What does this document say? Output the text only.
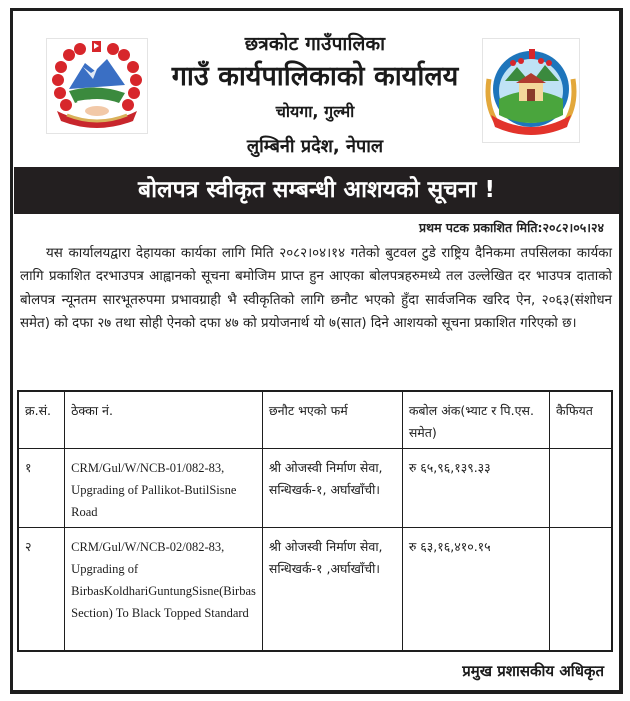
छत्रकोट गाउँपालिका
गाउँ कार्यपालिकाको कार्यालय
चोयगा, गुल्मी
लुम्बिनी प्रदेश, नेपाल
बोलपत्र स्वीकृत सम्बन्धी आशयको सूचना !
प्रथम पटक प्रकाशित मिति:२०८२।०५।२४
यस कार्यालयद्वारा देहायका कार्यका लागि मिति २०८२।०४।१४ गतेको बुटवल टुडे राष्ट्रिय दैनिकमा तपसिलका कार्यका लागि प्रकाशित दरभाउपत्र आह्वानको सूचना बमोजिम प्राप्त हुन आएका बोलपत्रहरुमध्ये तल उल्लेखित दर भाउपत्र दाताको बोलपत्र न्यूनतम सारभूतरुपमा प्रभावग्राही भै स्वीकृतिको लागि छनौट भएको हुँदा सार्वजनिक खरिद ऐन, २०६३(संशोधन समेत) को दफा २७ तथा सोही ऐनको दफा ४७ को प्रयोजनार्थ यो ७(सात) दिने आशयको सूचना प्रकाशित गरिएको छ।
क्र.सं.	ठेक्का नं.	छनौट भएको फर्म	कबोल अंक(भ्याट र पि.एस. समेत)	कैफियत
१	CRM/Gul/W/NCB-01/082-83, Upgrading of Pallikot-ButilSisne Road	श्री ओजस्वी निर्माण सेवा, सन्धिखर्क-१, अर्घाखाँची।	रु ६५,९६,१३९.३३	
२	CRM/Gul/W/NCB-02/082-83, Upgrading of BirbasKoldhariGuntungSisne(Birbas Section) To Black Topped Standard	श्री ओजस्वी निर्माण सेवा, सन्धिखर्क-१ ,अर्घाखाँची।	रु ६३,१६,४१०.१५	
प्रमुख प्रशासकीय अधिकृत
